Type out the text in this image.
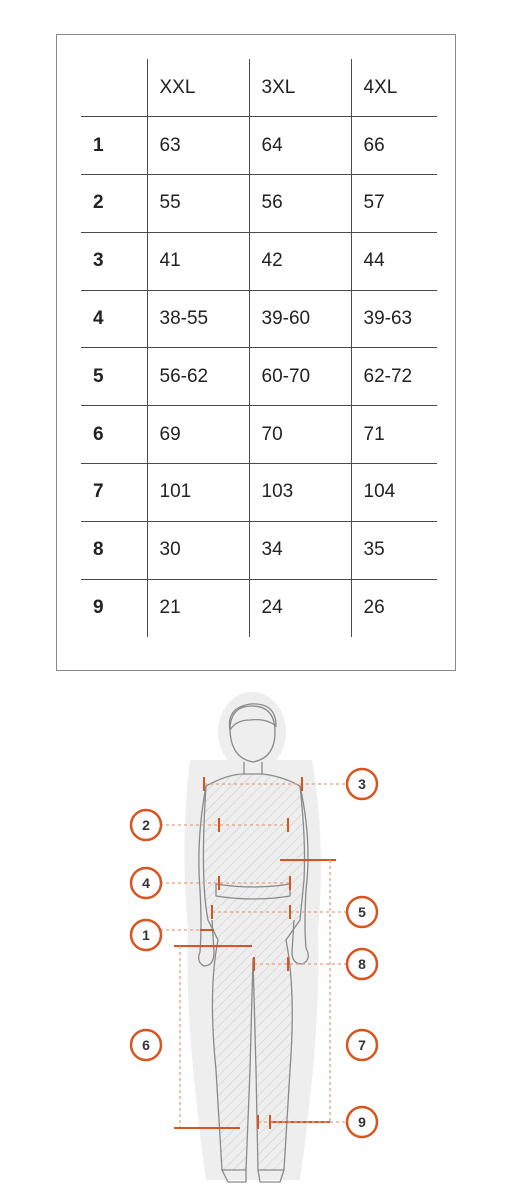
	XXL	3XL	4XL
1	63	64	66
2	55	56	57
3	41	42	44
4	38-55	39-60	39-63
5	56-62	60-70	62-72
6	69	70	71
7	101	103	104
8	30	34	35
9	21	24	26
3
2
4
5
1
8
6	7
9
